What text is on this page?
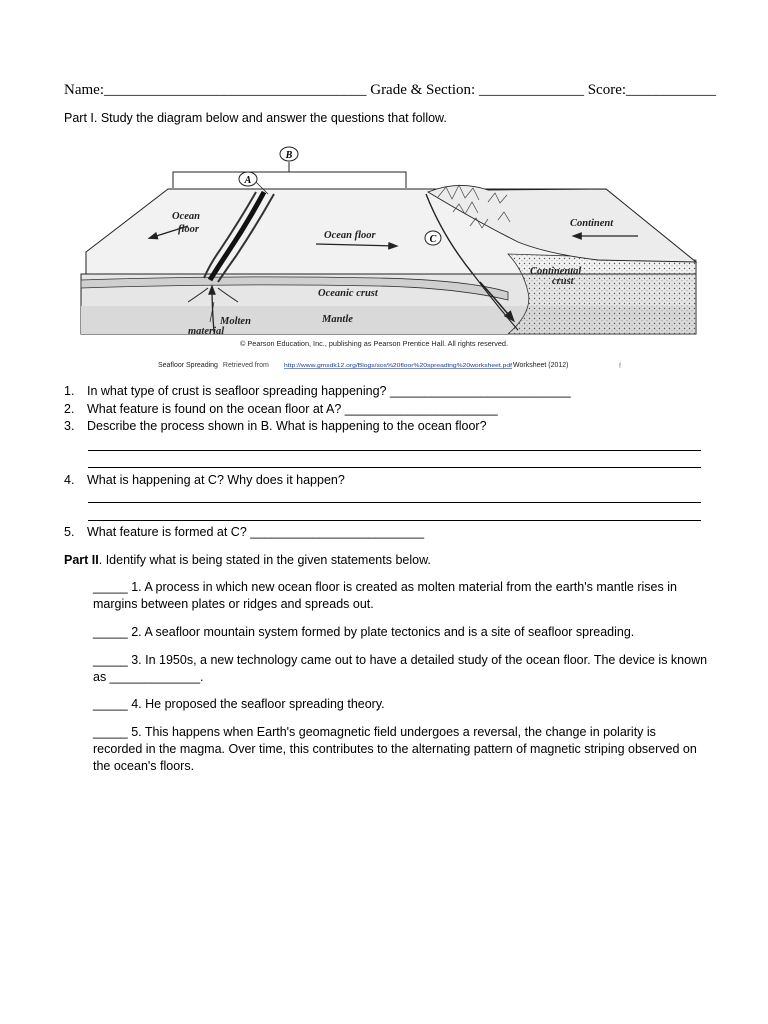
Name:___________________________________ Grade & Section: ______________ Score:____________
Part I. Study the diagram below and answer the questions that follow.
B
A
C
Ocean
floor
Ocean floor
Continent
Continental
crust
Oceanic crust
Molten
material
Mantle
© Pearson Education, Inc., publishing as Pearson Prentice Hall. All rights reserved.
Seafloor Spreading Retrieved from	http://www.gmsdk12.org/Blogs/sos%20floor%20spreading%20worksheet.pdf Worksheet (2012)	f
1. In what type of crust is seafloor spreading happening? __________________________
2. What feature is found on the ocean floor at A? ______________________
3. Describe the process shown in B. What is happening to the ocean floor?
4. What is happening at C? Why does it happen?
5. What feature is formed at C? _________________________
Part II. Identify what is being stated in the given statements below.
_____ 1. A process in which new ocean floor is created as molten material from the earth's mantle rises in margins between plates or ridges and spreads out.
_____ 2. A seafloor mountain system formed by plate tectonics and is a site of seafloor spreading.
_____ 3. In 1950s, a new technology came out to have a detailed study of the ocean floor. The device is known as _____________.
_____ 4. He proposed the seafloor spreading theory.
_____ 5. This happens when Earth's geomagnetic field undergoes a reversal, the change in polarity is recorded in the magma. Over time, this contributes to the alternating pattern of magnetic striping observed on the ocean's floors.
